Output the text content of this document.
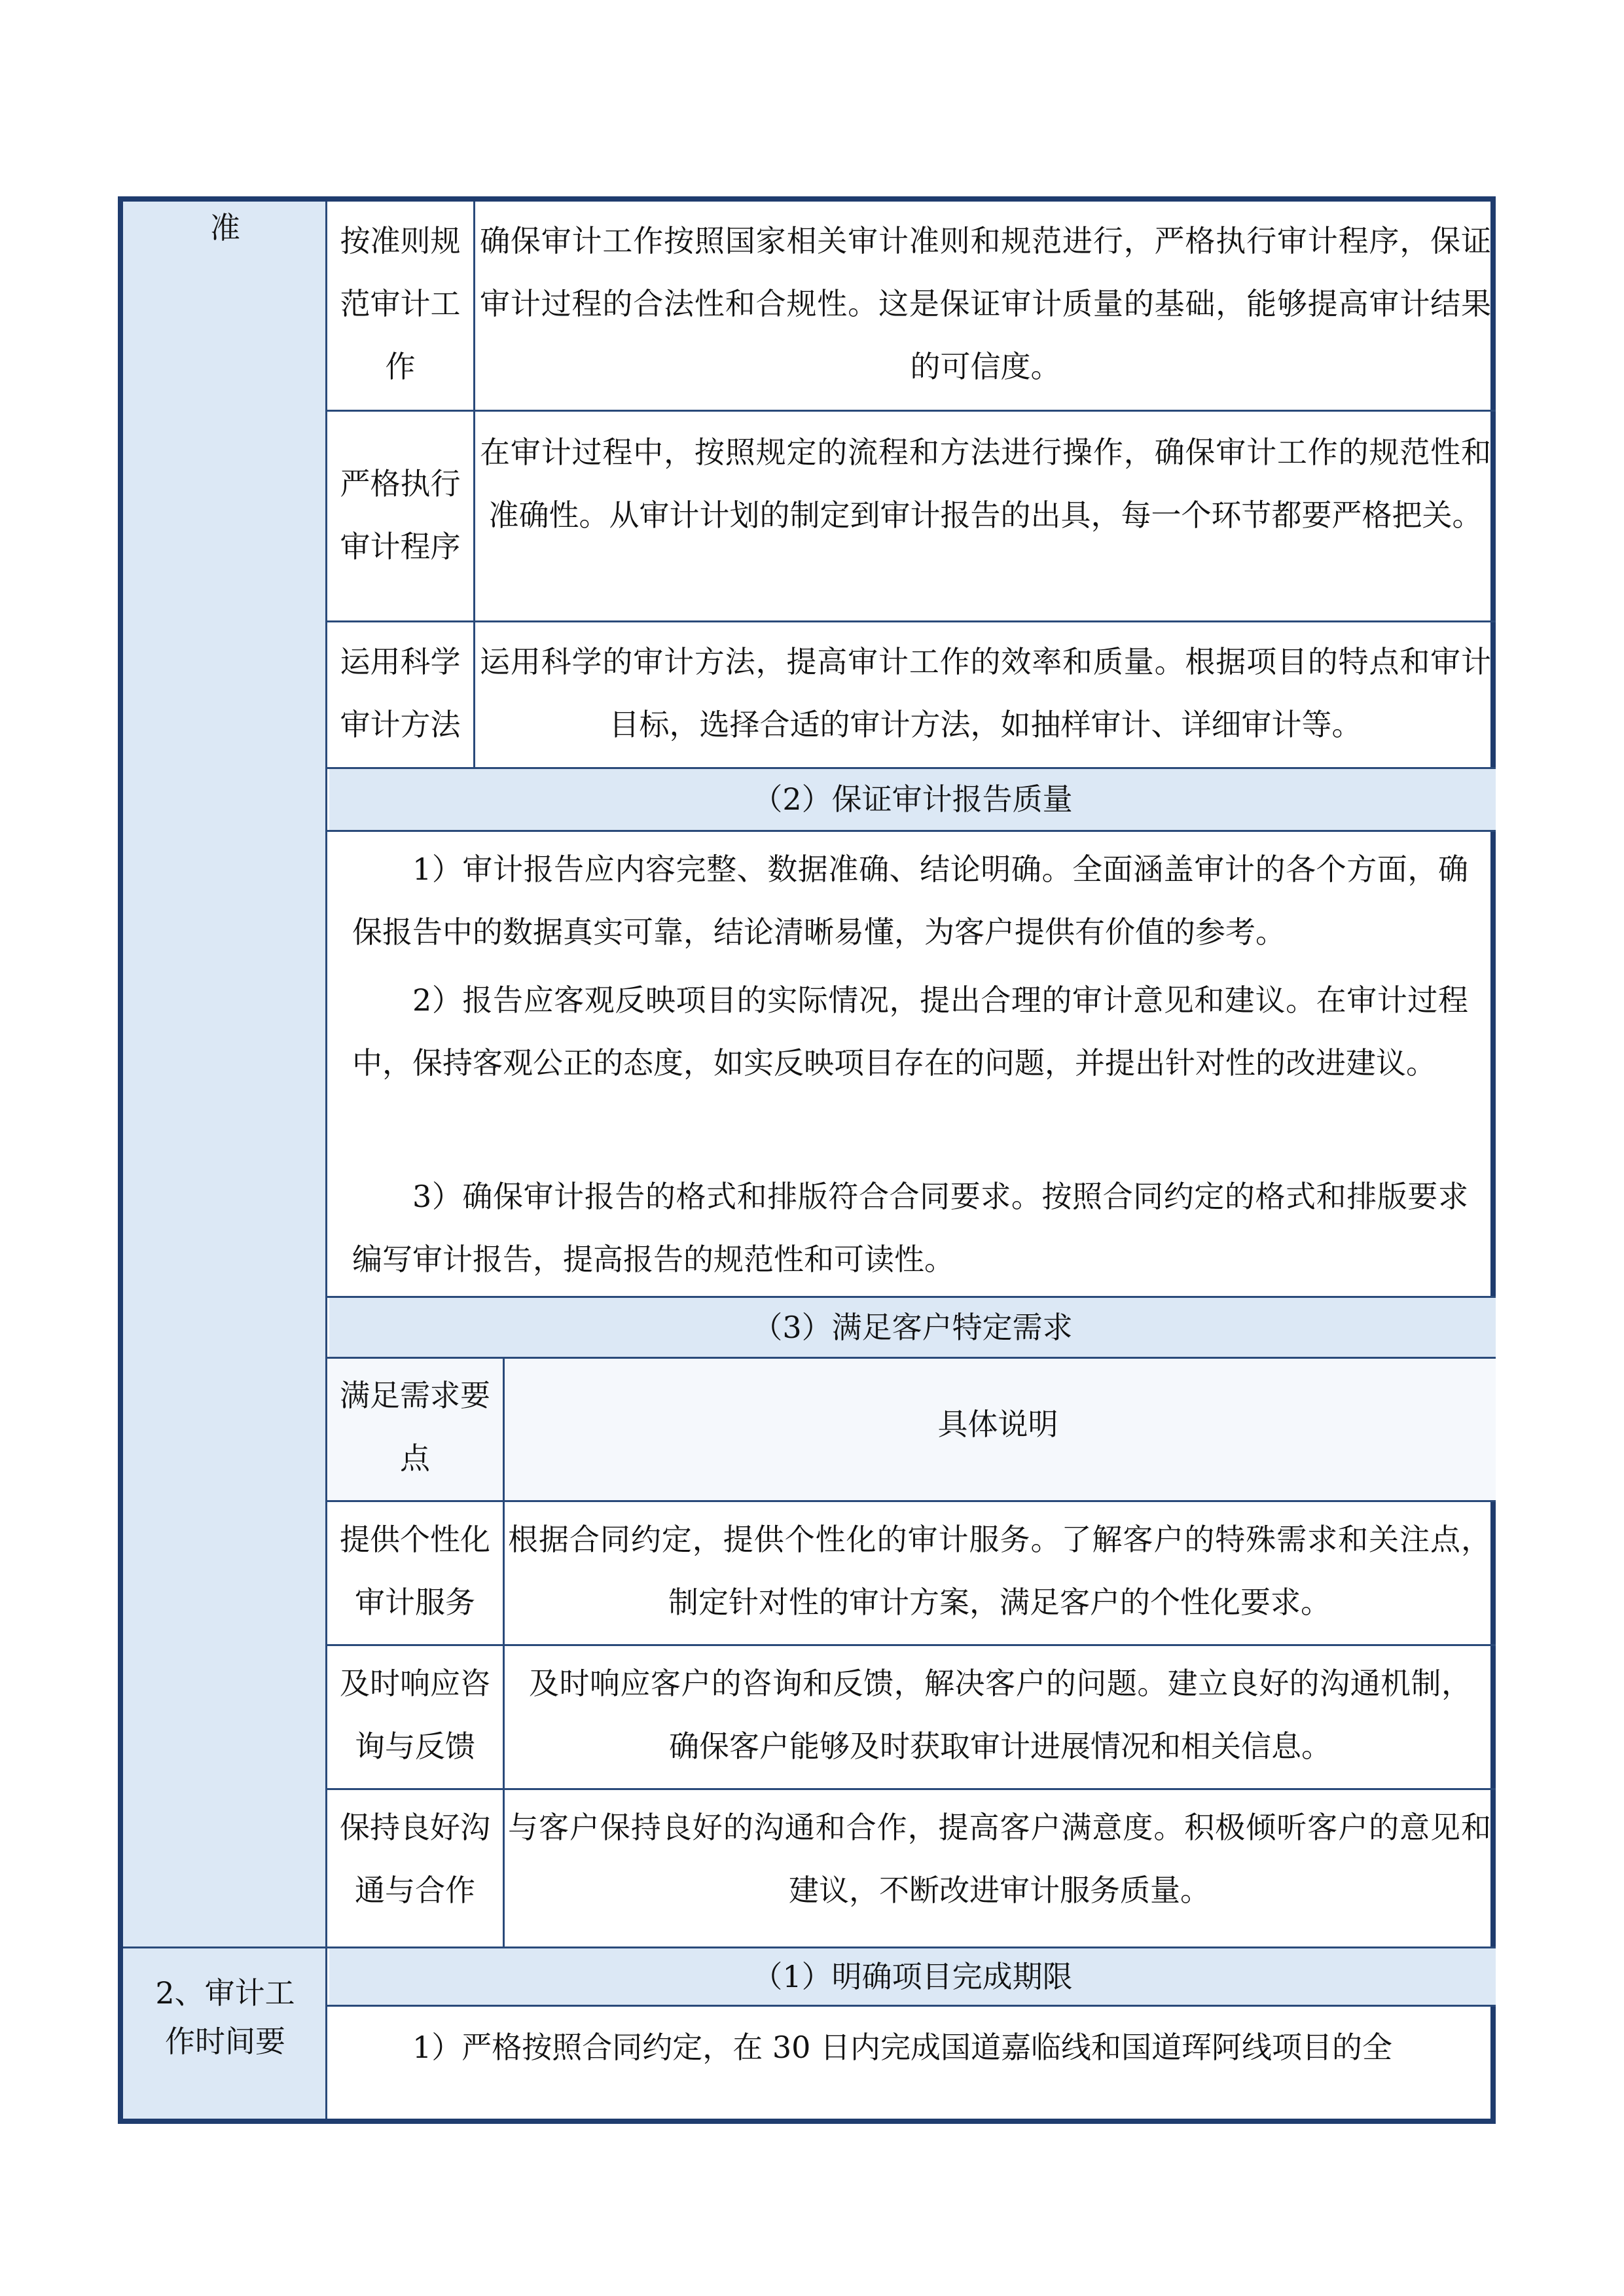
准
2、审计工
作时间要
按准则规
范审计工
作
确保审计工作按照国家相关审计准则和规范进行，严格执行审计程序，保证审计过程的合法性和合规性。这是保证审计质量的基础，能够提高审计结果的可信度。
严格执行
审计程序
在审计过程中，按照规定的流程和方法进行操作，确保审计工作的规范性和准确性。从审计计划的制定到审计报告的出具，每一个环节都要严格把关。
运用科学
审计方法
运用科学的审计方法，提高审计工作的效率和质量。根据项目的特点和审计目标，选择合适的审计方法，如抽样审计、详细审计等。
（2）保证审计报告质量
1）审计报告应内容完整、数据准确、结论明确。全面涵盖审计的各个方面，确保报告中的数据真实可靠，结论清晰易懂，为客户提供有价值的参考。
2）报告应客观反映项目的实际情况，提出合理的审计意见和建议。在审计过程中，保持客观公正的态度，如实反映项目存在的问题，并提出针对性的改进建议。
3）确保审计报告的格式和排版符合合同要求。按照合同约定的格式和排版要求编写审计报告，提高报告的规范性和可读性。
（3）满足客户特定需求
满足需求要
点
具体说明
提供个性化
审计服务
根据合同约定，提供个性化的审计服务。了解客户的特殊需求和关注点，制定针对性的审计方案，满足客户的个性化要求。
及时响应咨
询与反馈
及时响应客户的咨询和反馈，解决客户的问题。建立良好的沟通机制，确保客户能够及时获取审计进展情况和相关信息。
保持良好沟
通与合作
与客户保持良好的沟通和合作，提高客户满意度。积极倾听客户的意见和建议，不断改进审计服务质量。
（1）明确项目完成期限
1）严格按照合同约定，在 30 日内完成国道嘉临线和国道珲阿线项目的全
